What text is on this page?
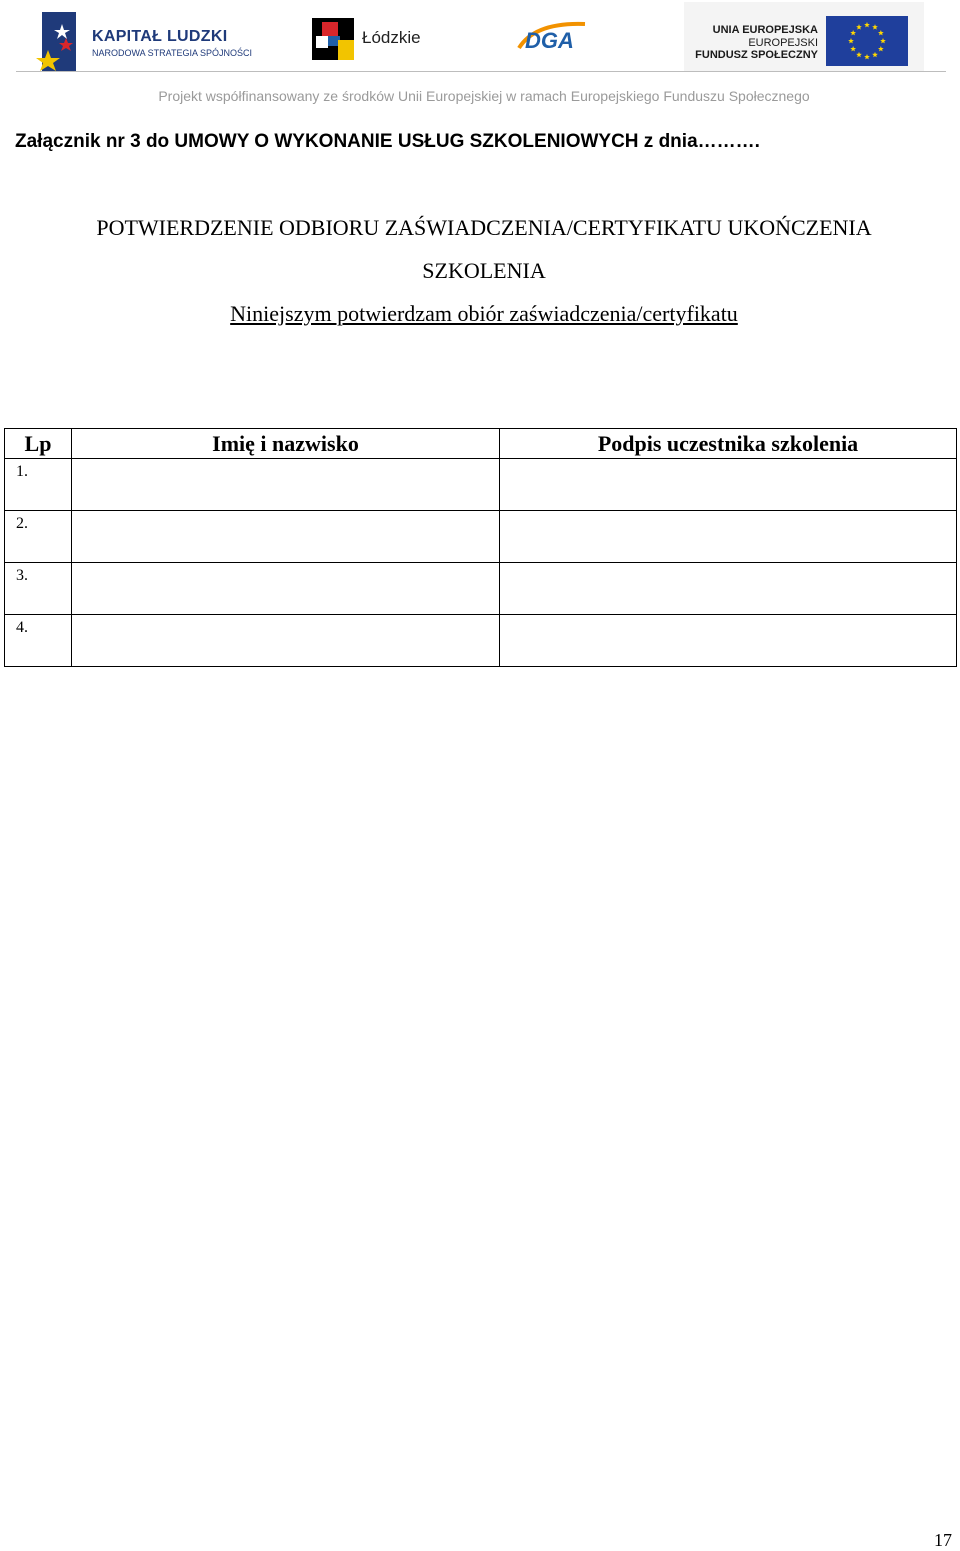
KAPITAŁ LUDZKI
NARODOWA STRATEGIA SPÓJNOŚCI
Łódzkie	DGA	UNIA EUROPEJSKA
EUROPEJSKI
FUNDUSZ SPOŁECZNY
Projekt współfinansowany ze środków Unii Europejskiej w ramach Europejskiego Funduszu Społecznego
Załącznik nr 3 do UMOWY O WYKONANIE USŁUG SZKOLENIOWYCH z dnia……….
POTWIERDZENIE ODBIORU ZAŚWIADCZENIA/CERTYFIKATU UKOŃCZENIA
SZKOLENIA
Niniejszym potwierdzam obiór zaświadczenia/certyfikatu
Lp	Imię i nazwisko	Podpis uczestnika szkolenia
1.		
2.		
3.		
4.		
17
